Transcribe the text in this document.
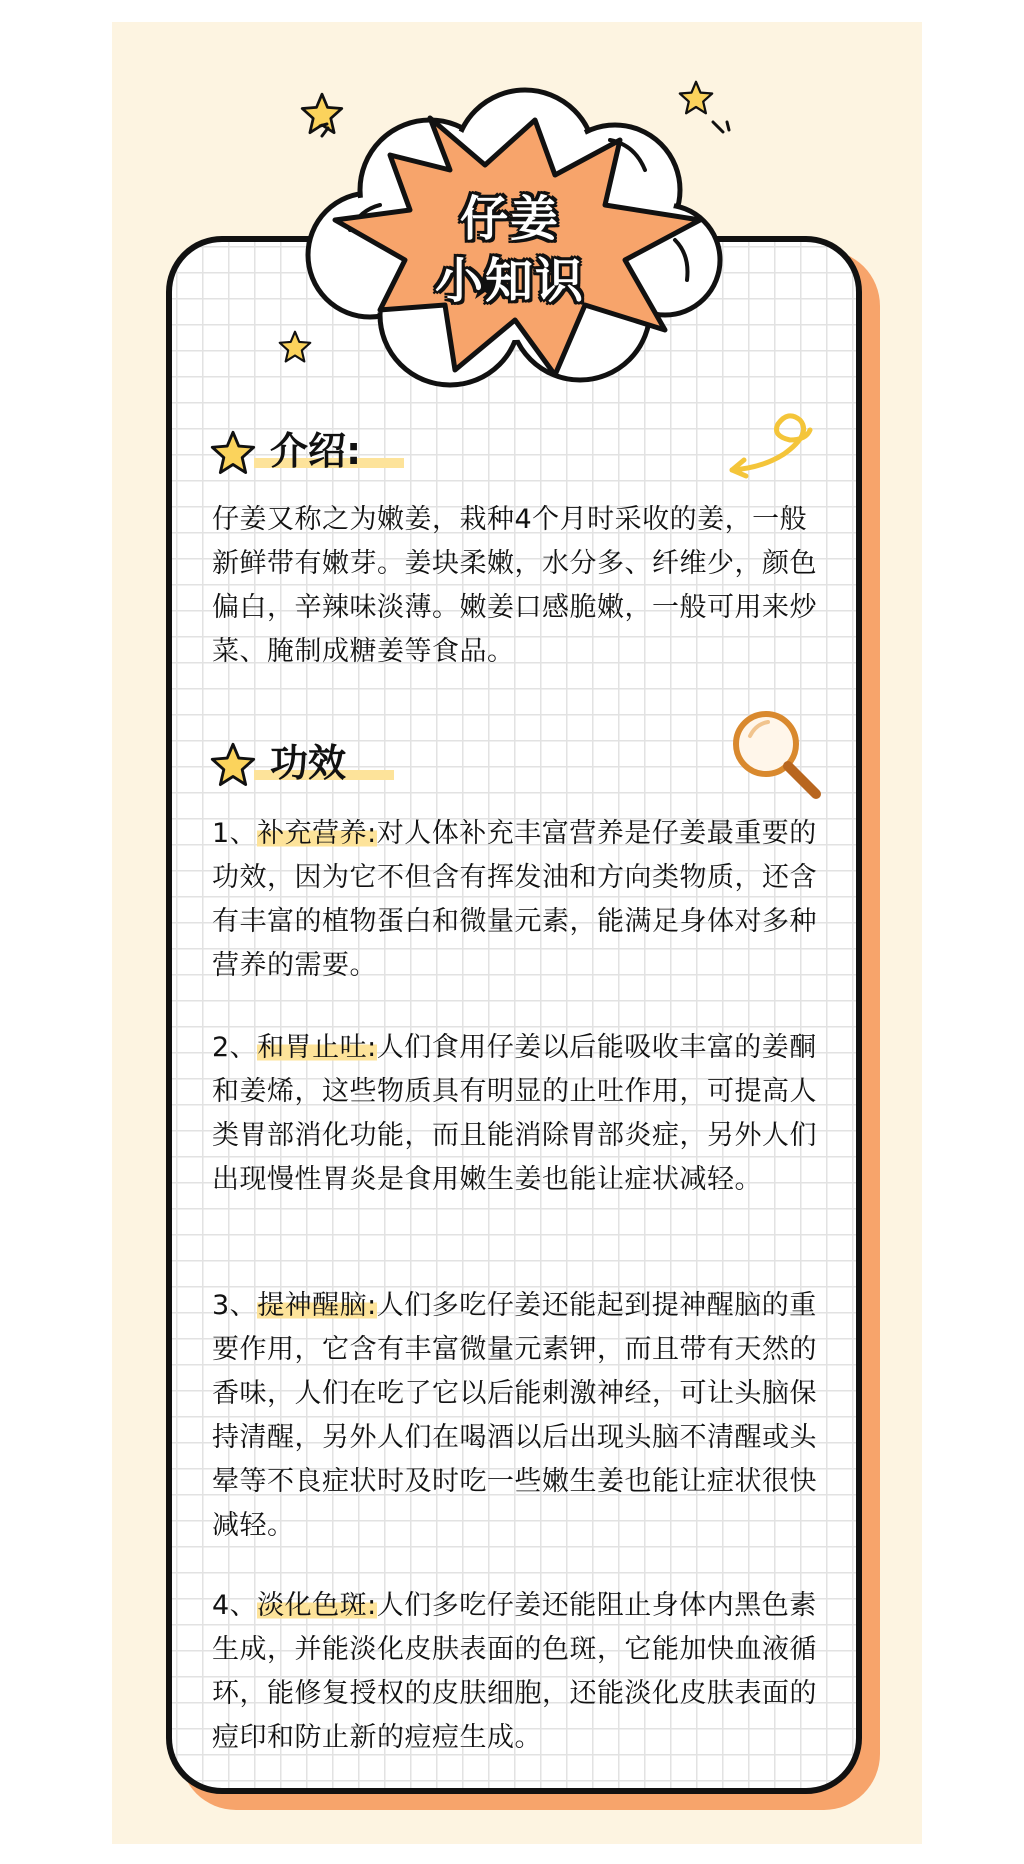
仔姜
小知识
介绍:
仔姜又称之为嫩姜，栽种4个月时采收的姜，一般新鲜带有嫩芽。姜块柔嫩，水分多、纤维少，颜色偏白，辛辣味淡薄。嫩姜口感脆嫩，一般可用来炒菜、腌制成糖姜等食品。
功效
1、补充营养:对人体补充丰富营养是仔姜最重要的功效，因为它不但含有挥发油和方向类物质，还含有丰富的植物蛋白和微量元素，能满足身体对多种营养的需要。
2、和胃止吐:人们食用仔姜以后能吸收丰富的姜酮和姜烯，这些物质具有明显的止吐作用，可提高人类胃部消化功能，而且能消除胃部炎症，另外人们出现慢性胃炎是食用嫩生姜也能让症状减轻。
3、提神醒脑:人们多吃仔姜还能起到提神醒脑的重要作用，它含有丰富微量元素钾，而且带有天然的香味，人们在吃了它以后能刺激神经，可让头脑保持清醒，另外人们在喝酒以后出现头脑不清醒或头晕等不良症状时及时吃一些嫩生姜也能让症状很快减轻。
4、淡化色斑:人们多吃仔姜还能阻止身体内黑色素生成，并能淡化皮肤表面的色斑，它能加快血液循环，能修复授权的皮肤细胞，还能淡化皮肤表面的痘印和防止新的痘痘生成。
